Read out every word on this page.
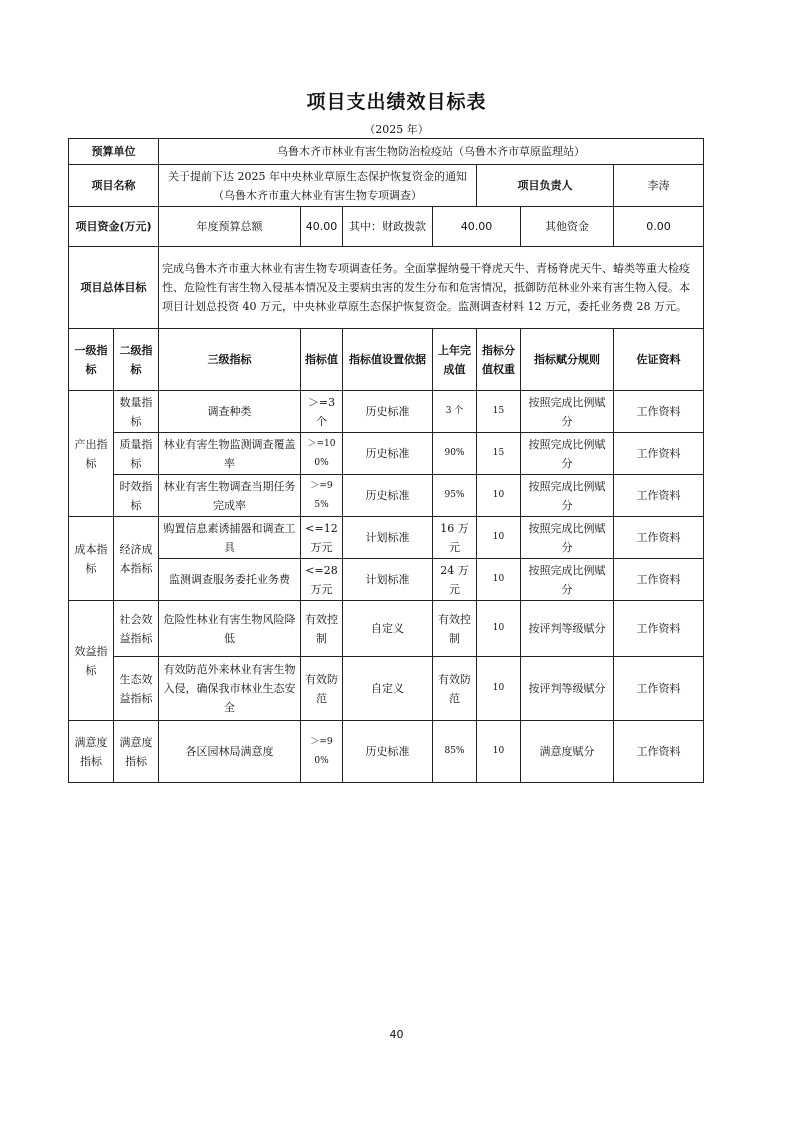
项目支出绩效目标表
（2025 年）
预算单位		乌鲁木齐市林业有害生物防治检疫站（乌鲁木齐市草原监理站）						
项目名称		关于提前下达 2025 年中央林业草原生态保护恢复资金的通知（乌鲁木齐市重大林业有害生物专项调查）				项目负责人		李涛
项目资金(万元)		年度预算总额	40.00	其中：财政拨款	40.00		其他资金	0.00
项目总体目标		完成乌鲁木齐市重大林业有害生物专项调查任务。全面掌握纳曼干脊虎天牛、青杨脊虎天牛、蝽类等重大检疫性、危险性有害生物入侵基本情况及主要病虫害的发生分布和危害情况，抵御防范林业外来有害生物入侵。本项目计划总投资 40 万元，中央林业草原生态保护恢复资金。监测调查材料 12 万元，委托业务费 28 万元。						
一级指标	二级指标	三级指标	指标值	指标值设置依据	上年完成值	指标分值权重	指标赋分规则	佐证资料
产出指标	数量指标	调查种类	＞=3 个	历史标准	3 个	15	按照完成比例赋分	工作资料
	质量指标	林业有害生物监测调查覆盖率	＞=100%	历史标准	90%	15	按照完成比例赋分	工作资料
	时效指标	林业有害生物调查当期任务完成率	＞=95%	历史标准	95%	10	按照完成比例赋分	工作资料
成本指标	经济成本指标	购置信息素诱捕器和调查工具	<=12 万元	计划标准	16 万元	10	按照完成比例赋分	工作资料
		监测调查服务委托业务费	<=28 万元	计划标准	24 万元	10	按照完成比例赋分	工作资料
效益指标	社会效益指标	危险性林业有害生物风险降低	有效控制	自定义	有效控制	10	按评判等级赋分	工作资料
	生态效益指标	有效防范外来林业有害生物入侵，确保我市林业生态安全	有效防范	自定义	有效防范	10	按评判等级赋分	工作资料
满意度指标	满意度指标	各区园林局满意度	＞=90%	历史标准	85%	10	满意度赋分	工作资料
40
